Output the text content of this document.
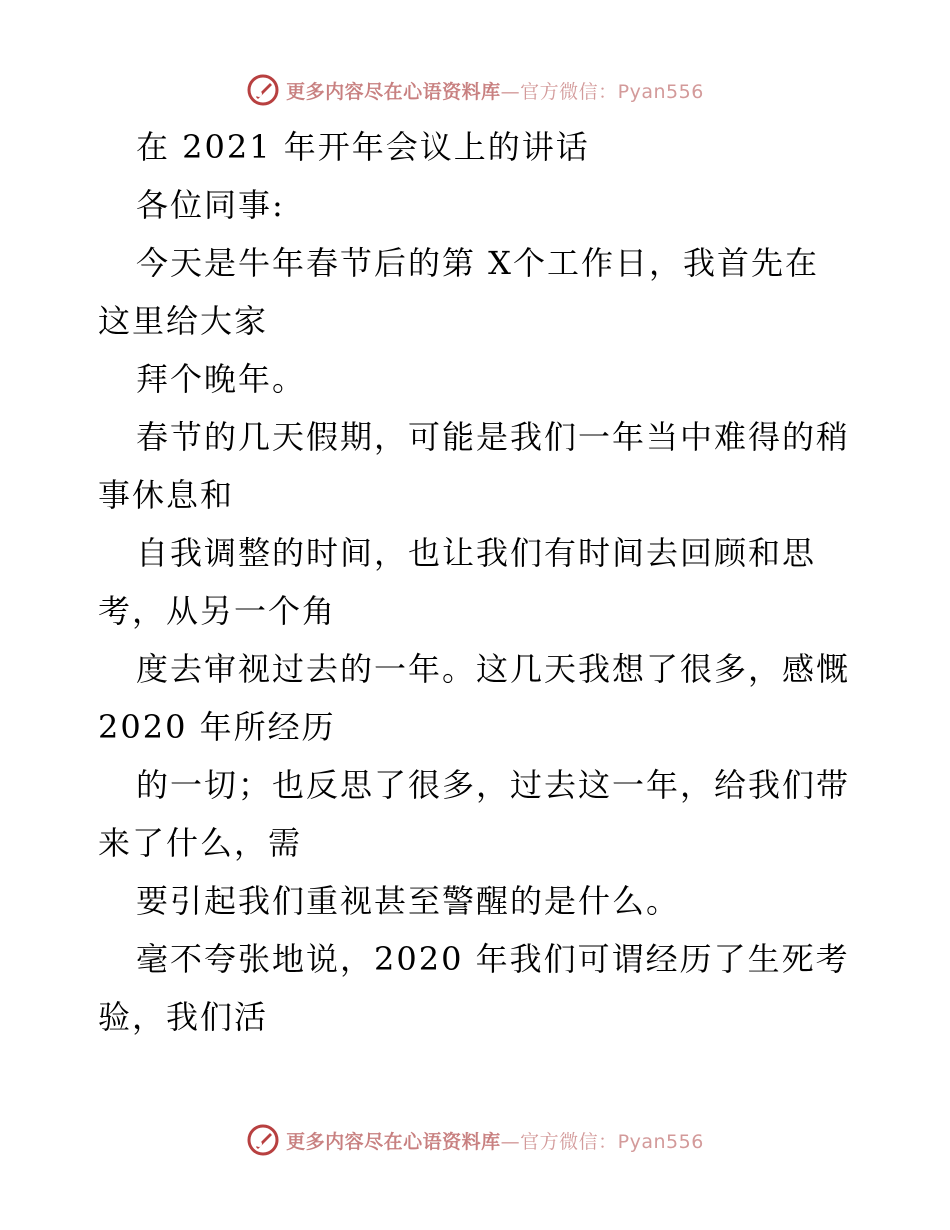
更多内容尽在心语资料库—官方微信：Pyan556
在 2021 年开年会议上的讲话
各位同事:
今天是牛年春节后的第 X个工作日，我首先在
这里给大家
拜个晚年。
春节的几天假期，可能是我们一年当中难得的稍
事休息和
自我调整的时间，也让我们有时间去回顾和思
考，从另一个角
度去审视过去的一年。这几天我想了很多，感慨
2020 年所经历
的一切；也反思了很多，过去这一年，给我们带
来了什么，需
要引起我们重视甚至警醒的是什么。
毫不夸张地说，2020 年我们可谓经历了生死考
验，我们活
更多内容尽在心语资料库—官方微信：Pyan556
